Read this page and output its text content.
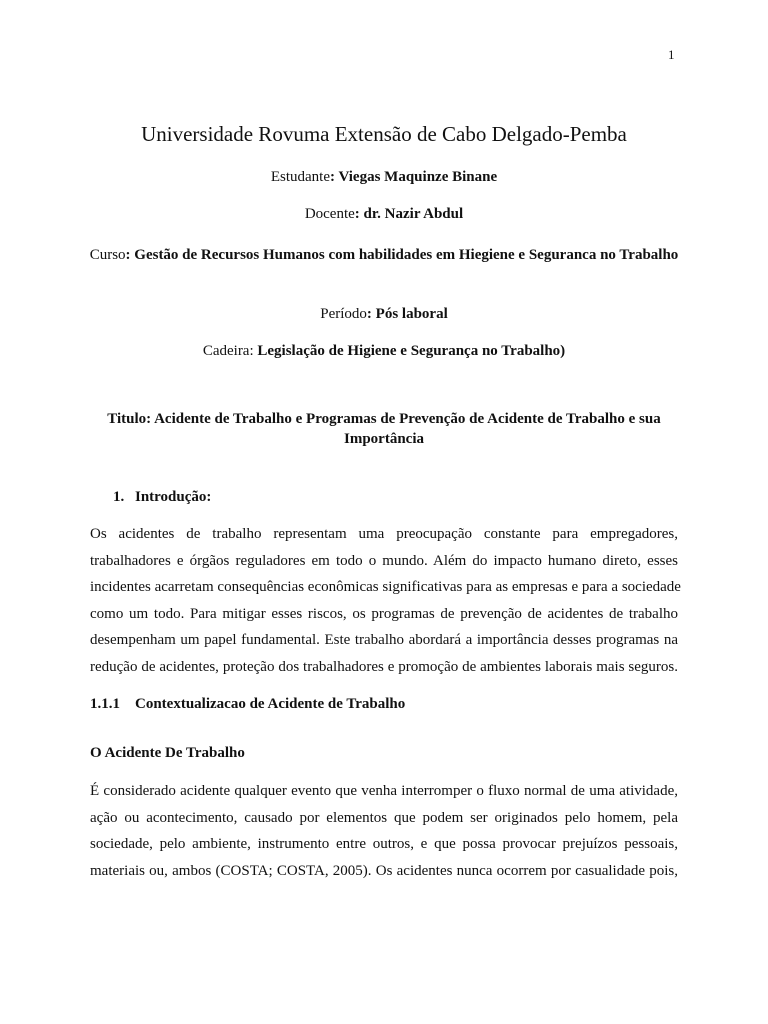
1
Universidade Rovuma Extensão de Cabo Delgado-Pemba
Estudante: Viegas Maquinze Binane
Docente: dr. Nazir Abdul
Curso: Gestão de Recursos Humanos com habilidades em Hiegiene e Seguranca no Trabalho
Período: Pós laboral
Cadeira: Legislação de Higiene e Segurança no Trabalho)
Titulo: Acidente de Trabalho e Programas de Prevenção de Acidente de Trabalho e sua
Importância
1. Introdução:
Os acidentes de trabalho representam uma preocupação constante para empregadores,
trabalhadores e órgãos reguladores em todo o mundo. Além do impacto humano direto, esses
incidentes acarretam consequências econômicas significativas para as empresas e para a sociedade
como um todo. Para mitigar esses riscos, os programas de prevenção de acidentes de trabalho
desempenham um papel fundamental. Este trabalho abordará a importância desses programas na
redução de acidentes, proteção dos trabalhadores e promoção de ambientes laborais mais seguros.
1.1.1 Contextualizacao de Acidente de Trabalho
O Acidente De Trabalho
É considerado acidente qualquer evento que venha interromper o fluxo normal de uma atividade,
ação ou acontecimento, causado por elementos que podem ser originados pelo homem, pela
sociedade, pelo ambiente, instrumento entre outros, e que possa provocar prejuízos pessoais,
materiais ou, ambos (COSTA; COSTA, 2005). Os acidentes nunca ocorrem por casualidade pois,
